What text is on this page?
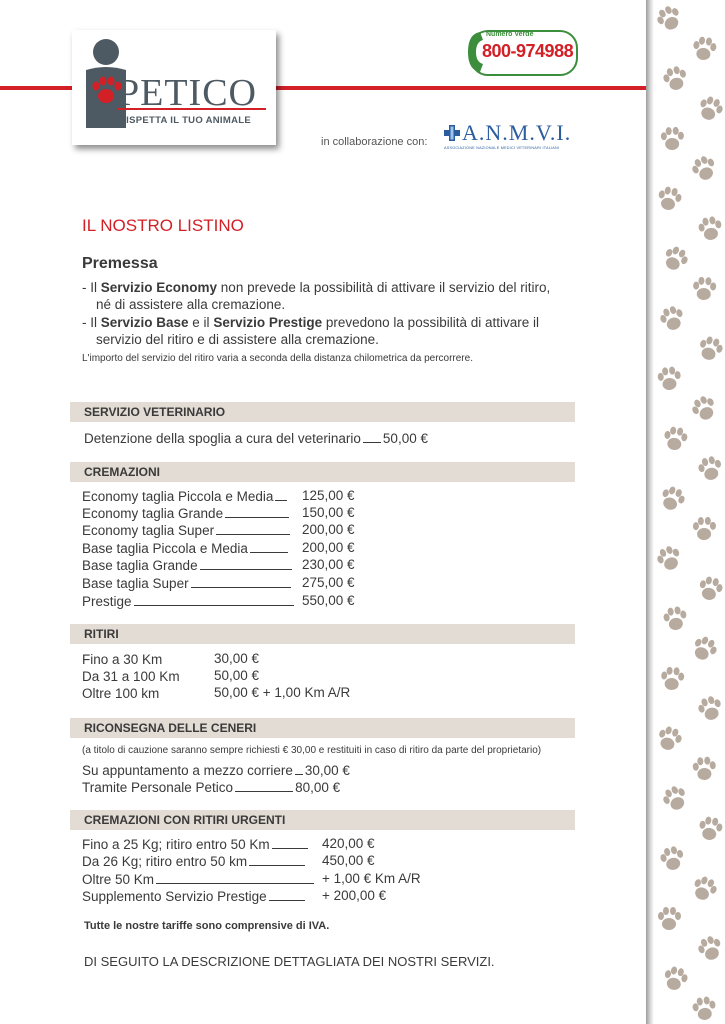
PETICO
RISPETTA IL TUO ANIMALE
Numero Verde
800-974988
in collaborazione con: A.N.M.V.I.
ASSOCIAZIONE NAZIONALE MEDICI VETERINARI ITALIANI
IL NOSTRO LISTINO
Premessa
- Il Servizio Economy non prevede la possibilità di attivare il servizio del ritiro,
né di assistere alla cremazione.
- Il Servizio Base e il Servizio Prestige prevedono la possibilità di attivare il
servizio del ritiro e di assistere alla cremazione.
L'importo del servizio del ritiro varia a seconda della distanza chilometrica da percorrere.
SERVIZIO VETERINARIO
Detenzione della spoglia a cura del veterinario 50,00 €
CREMAZIONI
Economy taglia Piccola e Media	125,00 €
Economy taglia Grande	150,00 €
Economy taglia Super	200,00 €
Base taglia Piccola e Media	200,00 €
Base taglia Grande	230,00 €
Base taglia Super	275,00 €
Prestige	550,00 €
RITIRI
Fino a 30 Km	30,00 €
Da 31 a 100 Km	50,00 €
Oltre 100 km	50,00 € + 1,00 Km A/R
RICONSEGNA DELLE CENERI
(a titolo di cauzione saranno sempre richiesti € 30,00 e restituiti in caso di ritiro da parte del proprietario)
Su appuntamento a mezzo corriere 30,00 €
Tramite Personale Petico	80,00 €
CREMAZIONI CON RITIRI URGENTI
Fino a 25 Kg; ritiro entro 50 Km	420,00 €
Da 26 Kg; ritiro entro 50 km	450,00 €
Oltre 50 Km	+ 1,00 € Km A/R
Supplemento Servizio Prestige	+ 200,00 €
Tutte le nostre tariffe sono comprensive di IVA.
DI SEGUITO LA DESCRIZIONE DETTAGLIATA DEI NOSTRI SERVIZI.
